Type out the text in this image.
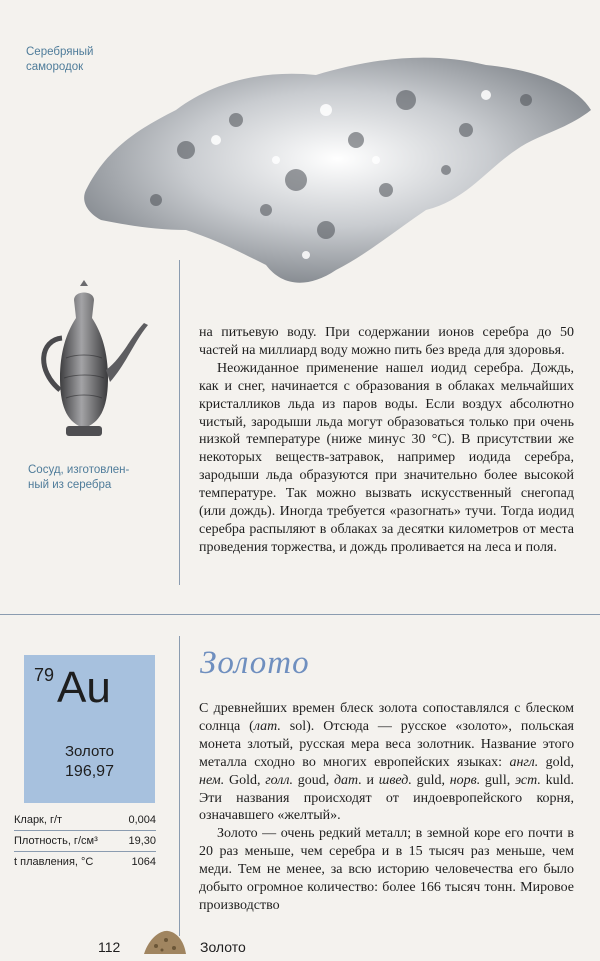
Серебряный
самородок
Сосуд, изготовлен-
ный из серебра

на питьевую воду. При содержании ионов серебра до 50 частей на миллиард воду можно пить без вреда для здоровья.

Неожиданное применение нашел иодид серебра. Дождь, как и снег, начинается с образования в облаках мельчайших кристалликов льда из паров воды. Если воздух абсолютно чистый, зародыши льда могут образоваться только при очень низкой температуре (ниже минус 30 °С). В присутствии же некоторых веществ-затравок, например иодида серебра, зародыши льда образуются при значительно более высокой температуре. Так можно вызвать искусственный снегопад (или дождь). Иногда требуется «разогнать» тучи. Тогда иодид серебра распыляют в облаках за десятки километров от места проведения торжества, и дождь проливается на леса и поля.

Золото
79 Au
Золото
196,97
Кларк, г/т	0,004
Плотность, г/см³	19,30
t плавления, °С	1064

С древнейших времен блеск золота сопоставлялся с блеском солнца (лат. sol). Отсюда — русское «золото», польская монета злотый, русская мера веса золотник. Название этого металла сходно во многих европейских языках: англ. gold, нем. Gold, голл. goud, дат. и швед. guld, норв. gull, эст. kuld. Эти названия происходят от индоевропейского корня, означавшего «желтый».

Золото — очень редкий металл; в земной коре его почти в 20 раз меньше, чем серебра и в 15 тысяч раз меньше, чем меди. Тем не менее, за всю историю человечества его было добыто огромное количество: более 166 тысяч тонн. Мировое производство

112	Золото
